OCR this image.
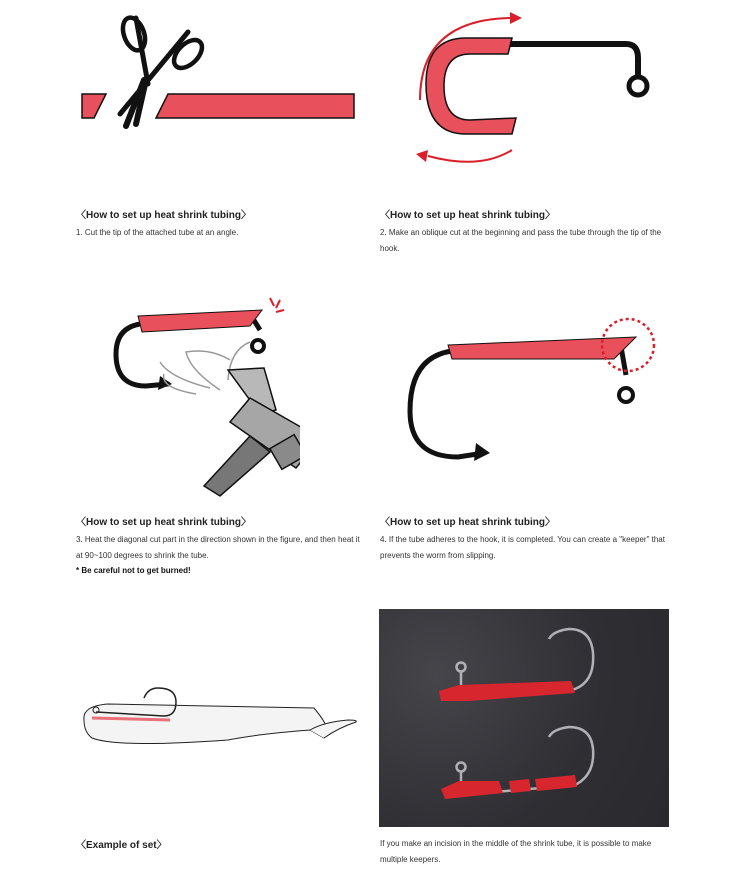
〈How to set up heat shrink tubing〉
1. Cut the tip of the attached tube at an angle.
〈How to set up heat shrink tubing〉
2. Make an oblique cut at the beginning and pass the tube through the tip of the hook.
〈How to set up heat shrink tubing〉
3. Heat the diagonal cut part in the direction shown in the figure, and then heat it at 90~100 degrees to shrink the tube.
* Be careful not to get burned!
〈How to set up heat shrink tubing〉
4. If the tube adheres to the hook, it is completed. You can create a "keeper" that prevents the worm from slipping.
〈Example of set〉	If you make an incision in the middle of the shrink tube, it is possible to make multiple keepers.
